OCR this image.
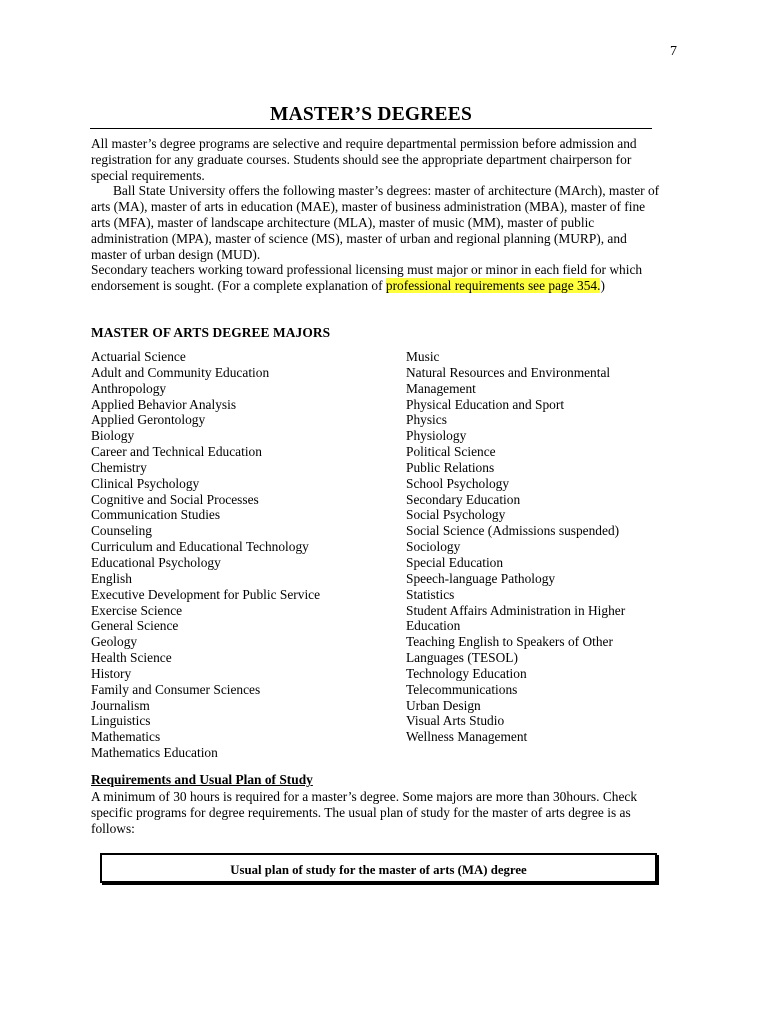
7
MASTER’S DEGREES

All master’s degree programs are selective and require departmental permission before admission and registration for any graduate courses. Students should see the appropriate department chairperson for special requirements.

Ball State University offers the following master’s degrees: master of architecture (MArch), master of arts (MA), master of arts in education (MAE), master of business administration (MBA), master of fine arts (MFA), master of landscape architecture (MLA), master of music (MM), master of public administration (MPA), master of science (MS), master of urban and regional planning (MURP), and master of urban design (MUD).

Secondary teachers working toward professional licensing must major or minor in each field for which endorsement is sought. (For a complete explanation of professional requirements see page 354.)

MASTER OF ARTS DEGREE MAJORS
Actuarial Science
Adult and Community Education
Anthropology
Applied Behavior Analysis
Applied Gerontology
Biology
Career and Technical Education
Chemistry
Clinical Psychology
Cognitive and Social Processes
Communication Studies
Counseling
Curriculum and Educational Technology
Educational Psychology
English
Executive Development for Public Service
Exercise Science
General Science
Geology
Health Science
History
Family and Consumer Sciences
Journalism
Linguistics
Mathematics
Mathematics Education
Music
Natural Resources and Environmental
Management
Physical Education and Sport
Physics
Physiology
Political Science
Public Relations
School Psychology
Secondary Education
Social Psychology
Social Science (Admissions suspended)
Sociology
Special Education
Speech-language Pathology
Statistics
Student Affairs Administration in Higher
Education
Teaching English to Speakers of Other
Languages (TESOL)
Technology Education
Telecommunications
Urban Design
Visual Arts Studio
Wellness Management
Requirements and Usual Plan of Study
A minimum of 30 hours is required for a master’s degree. Some majors are more than 30hours. Check specific programs for degree requirements. The usual plan of study for the master of arts degree is as follows:
Usual plan of study for the master of arts (MA) degree
